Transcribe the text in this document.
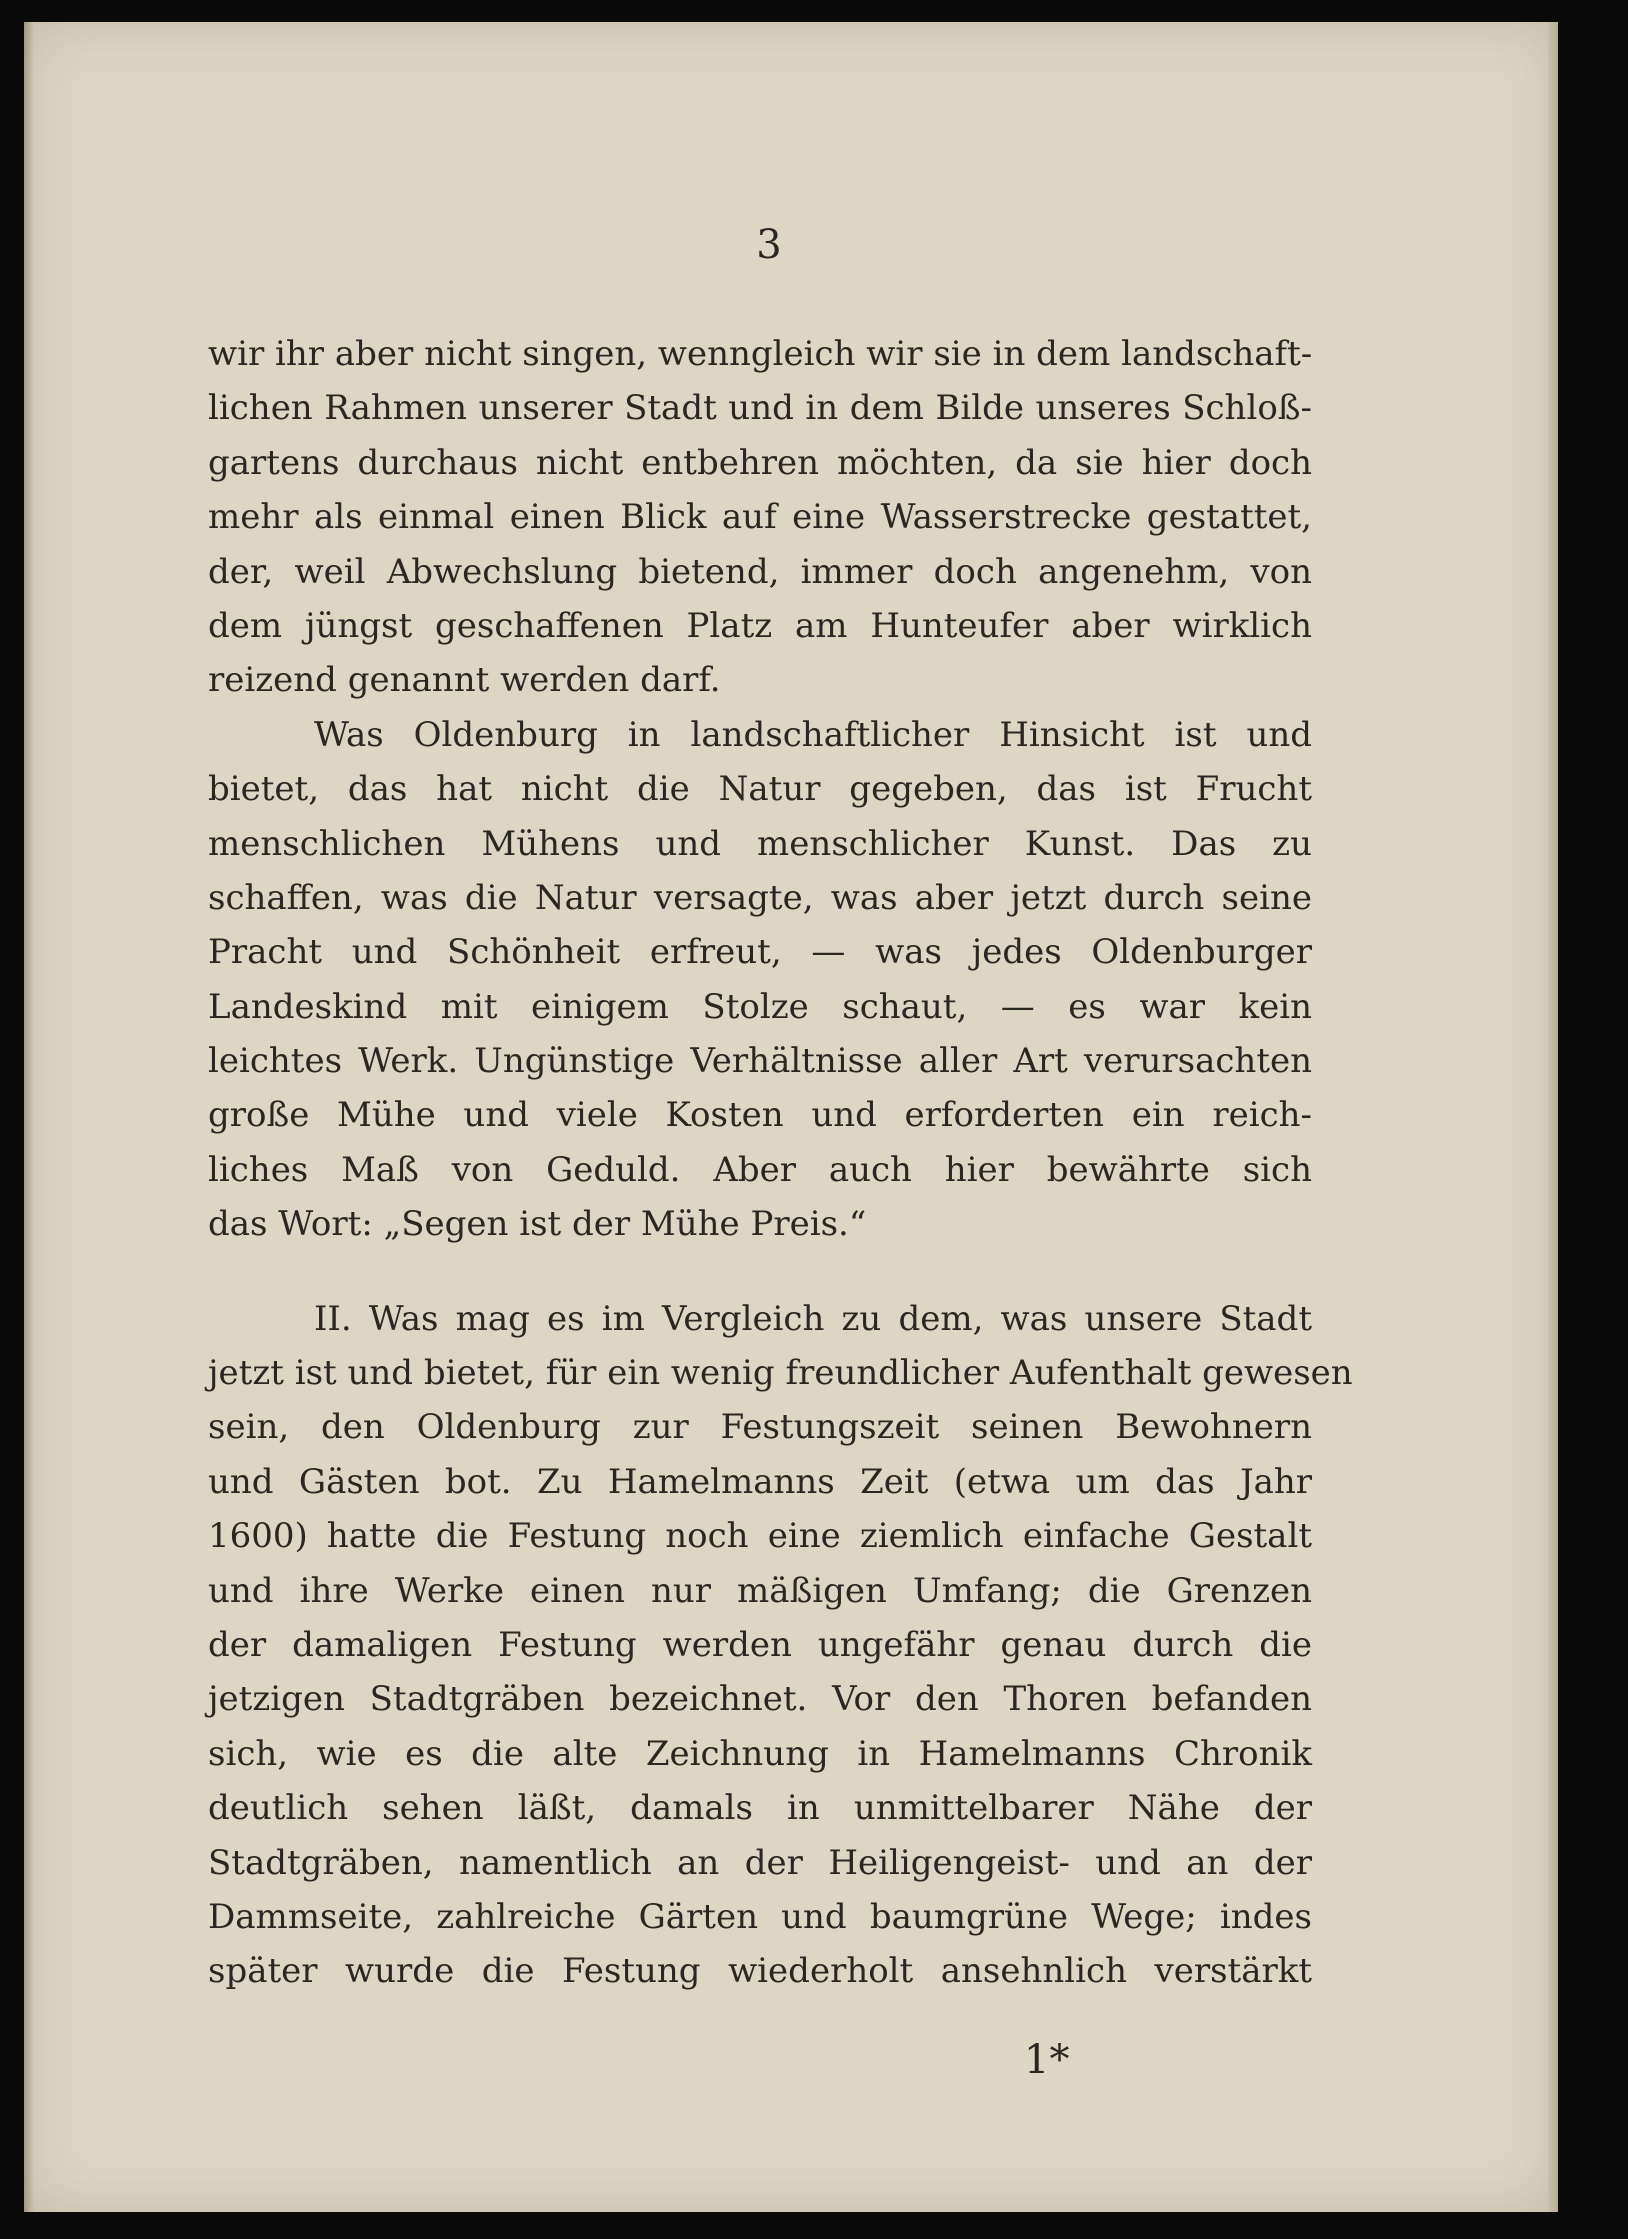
3
wir ihr aber nicht singen, wenngleich wir sie in dem landschaft-
lichen Rahmen unserer Stadt und in dem Bilde unseres Schloß-
gartens durchaus nicht entbehren möchten, da sie hier doch
mehr als einmal einen Blick auf eine Wasserstrecke gestattet,
der, weil Abwechslung bietend, immer doch angenehm, von
dem jüngst geschaffenen Platz am Hunteufer aber wirklich
reizend genannt werden darf.
Was Oldenburg in landschaftlicher Hinsicht ist und
bietet, das hat nicht die Natur gegeben, das ist Frucht
menschlichen Mühens und menschlicher Kunst. Das zu
schaffen, was die Natur versagte, was aber jetzt durch seine
Pracht und Schönheit erfreut, — was jedes Oldenburger
Landeskind mit einigem Stolze schaut, — es war kein
leichtes Werk. Ungünstige Verhältnisse aller Art verursachten
große Mühe und viele Kosten und erforderten ein reich-
liches Maß von Geduld. Aber auch hier bewährte sich
das Wort: „Segen ist der Mühe Preis.“
II. Was mag es im Vergleich zu dem, was unsere Stadt
jetzt ist und bietet, für ein wenig freundlicher Aufenthalt gewesen
sein, den Oldenburg zur Festungszeit seinen Bewohnern
und Gästen bot. Zu Hamelmanns Zeit (etwa um das Jahr
1600) hatte die Festung noch eine ziemlich einfache Gestalt
und ihre Werke einen nur mäßigen Umfang; die Grenzen
der damaligen Festung werden ungefähr genau durch die
jetzigen Stadtgräben bezeichnet. Vor den Thoren befanden
sich, wie es die alte Zeichnung in Hamelmanns Chronik
deutlich sehen läßt, damals in unmittelbarer Nähe der
Stadtgräben, namentlich an der Heiligengeist- und an der
Dammseite, zahlreiche Gärten und baumgrüne Wege; indes
später wurde die Festung wiederholt ansehnlich verstärkt
1*
